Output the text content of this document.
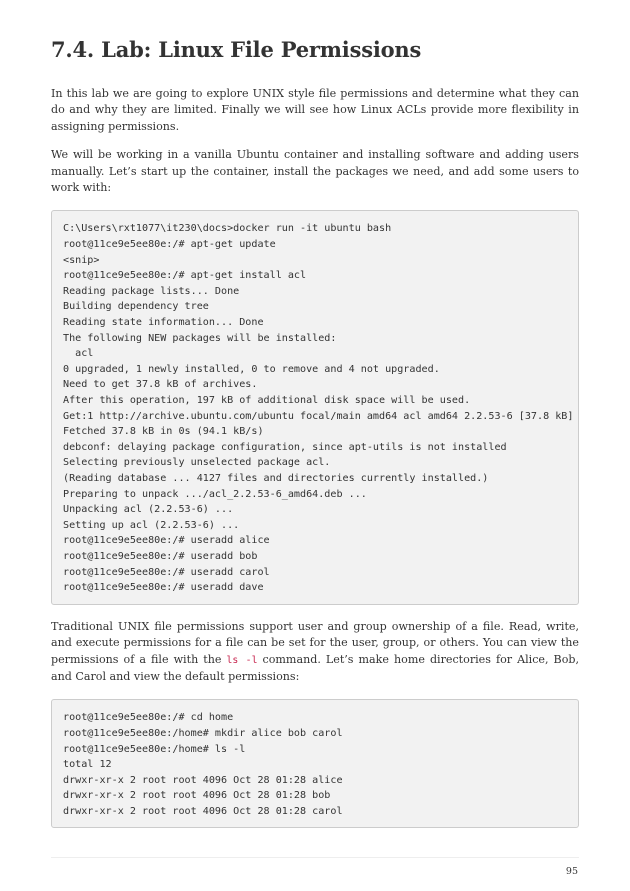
7.4. Lab: Linux File Permissions

In this lab we are going to explore UNIX style file permissions and determine what they can do and why they are limited. Finally we will see how Linux ACLs provide more flexibility in assigning permissions.

We will be working in a vanilla Ubuntu container and installing software and adding users manually. Let’s start up the container, install the packages we need, and add some users to work with:

C:\Users\rxt1077\it230\docs>docker run -it ubuntu bash
root@11ce9e5ee80e:/# apt-get update
<snip>
root@11ce9e5ee80e:/# apt-get install acl
Reading package lists... Done
Building dependency tree
Reading state information... Done
The following NEW packages will be installed:
acl
0 upgraded, 1 newly installed, 0 to remove and 4 not upgraded.
Need to get 37.8 kB of archives.
After this operation, 197 kB of additional disk space will be used.
Get:1 http://archive.ubuntu.com/ubuntu focal/main amd64 acl amd64 2.2.53-6 [37.8 kB]
Fetched 37.8 kB in 0s (94.1 kB/s)
debconf: delaying package configuration, since apt-utils is not installed
Selecting previously unselected package acl.
(Reading database ... 4127 files and directories currently installed.)
Preparing to unpack .../acl_2.2.53-6_amd64.deb ...
Unpacking acl (2.2.53-6) ...
Setting up acl (2.2.53-6) ...
root@11ce9e5ee80e:/# useradd alice
root@11ce9e5ee80e:/# useradd bob
root@11ce9e5ee80e:/# useradd carol
root@11ce9e5ee80e:/# useradd dave

Traditional UNIX file permissions support user and group ownership of a file. Read, write, and execute permissions for a file can be set for the user, group, or others. You can view the permissions of a file with the ls -l command. Let’s make home directories for Alice, Bob, and Carol and view the default permissions:

root@11ce9e5ee80e:/# cd home
root@11ce9e5ee80e:/home# mkdir alice bob carol
root@11ce9e5ee80e:/home# ls -l
total 12
drwxr-xr-x 2 root root 4096 Oct 28 01:28 alice
drwxr-xr-x 2 root root 4096 Oct 28 01:28 bob
drwxr-xr-x 2 root root 4096 Oct 28 01:28 carol
95
